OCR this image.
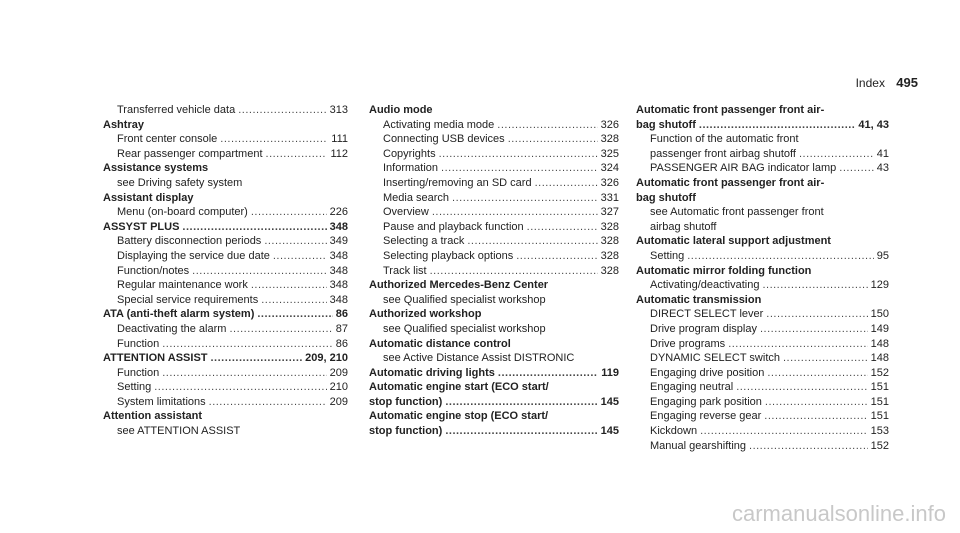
Index 495
Transferred vehicle data .....	313
Ashtray
Front center console .....	111
Rear passenger compartment .....	112
Assistance systems
see Driving safety system
Assistant display
Menu (on-board computer) .....	226
ASSYST PLUS .....	348
Battery disconnection periods .....	349
Displaying the service due date .....	348
Function/notes .....	348
Regular maintenance work .....	348
Special service requirements .....	348
ATA (anti-theft alarm system) .....	86
Deactivating the alarm .....	87
Function .....	86
ATTENTION ASSIST .....	209, 210
Function .....	209
Setting .....	210
System limitations .....	209
Attention assistant
see ATTENTION ASSIST
Audio mode
Activating media mode .....	326
Connecting USB devices .....	328
Copyrights .....	325
Information .....	324
Inserting/removing an SD card .....	326
Media search .....	331
Overview .....	327
Pause and playback function .....	328
Selecting a track .....	328
Selecting playback options .....	328
Track list .....	328
Authorized Mercedes-Benz Center
see Qualified specialist workshop
Authorized workshop
see Qualified specialist workshop
Automatic distance control
see Active Distance Assist DISTRONIC
Automatic driving lights .....	119
Automatic engine start (ECO start/
stop function) .....	145
Automatic engine stop (ECO start/
stop function) .....	145
Automatic front passenger front air-
bag shutoff .....	41, 43
Function of the automatic front
passenger front airbag shutoff .....	41
PASSENGER AIR BAG indicator lamp .....	43
Automatic front passenger front air-
bag shutoff
see Automatic front passenger front
airbag shutoff
Automatic lateral support adjustment
Setting .....	95
Automatic mirror folding function
Activating/deactivating .....	129
Automatic transmission
DIRECT SELECT lever .....	150
Drive program display .....	149
Drive programs .....	148
DYNAMIC SELECT switch .....	148
Engaging drive position .....	152
Engaging neutral .....	151
Engaging park position .....	151
Engaging reverse gear .....	151
Kickdown .....	153
Manual gearshifting .....	152
carmanualsonline.info
